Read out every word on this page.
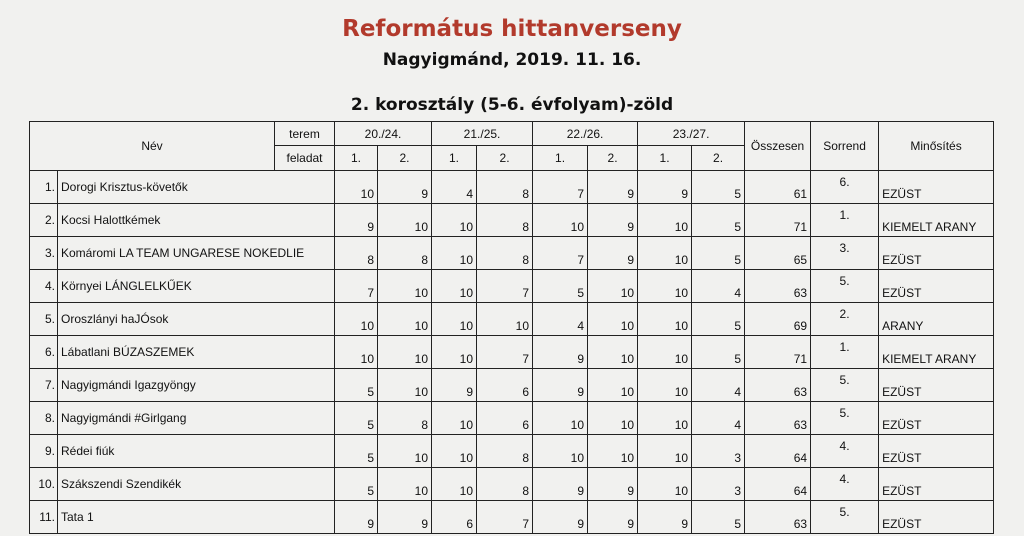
Református hittanverseny
Nagyigmánd, 2019. 11. 16.
2. korosztály (5-6. évfolyam)-zöld
Név		terem	20./24.		21./25.		22./26.		23./27.		Összesen	Sorrend	Minősítés
		feladat	1.	2.	1.	2.	1.	2.	1.	2.			
1.	Dorogi Krisztus-követők		10	9	4	8	7	9	9	5	61	6.	EZÜST
2.	Kocsi Halottkémek		9	10	10	8	10	9	10	5	71	1.	KIEMELT ARANY
3.	Komáromi LA TEAM UNGARESE NOKEDLIE		8	8	10	8	7	9	10	5	65	3.	EZÜST
4.	Környei LÁNGLELKŰEK		7	10	10	7	5	10	10	4	63	5.	EZÜST
5.	Oroszlányi haJÓsok		10	10	10	10	4	10	10	5	69	2.	ARANY
6.	Lábatlani BÚZASZEMEK		10	10	10	7	9	10	10	5	71	1.	KIEMELT ARANY
7.	Nagyigmándi Igazgyöngy		5	10	9	6	9	10	10	4	63	5.	EZÜST
8.	Nagyigmándi #Girlgang		5	8	10	6	10	10	10	4	63	5.	EZÜST
9.	Rédei fiúk		5	10	10	8	10	10	10	3	64	4.	EZÜST
10.	Szákszendi Szendikék		5	10	10	8	9	9	10	3	64	4.	EZÜST
11.	Tata 1		9	9	6	7	9	9	9	5	63	5.	EZÜST
